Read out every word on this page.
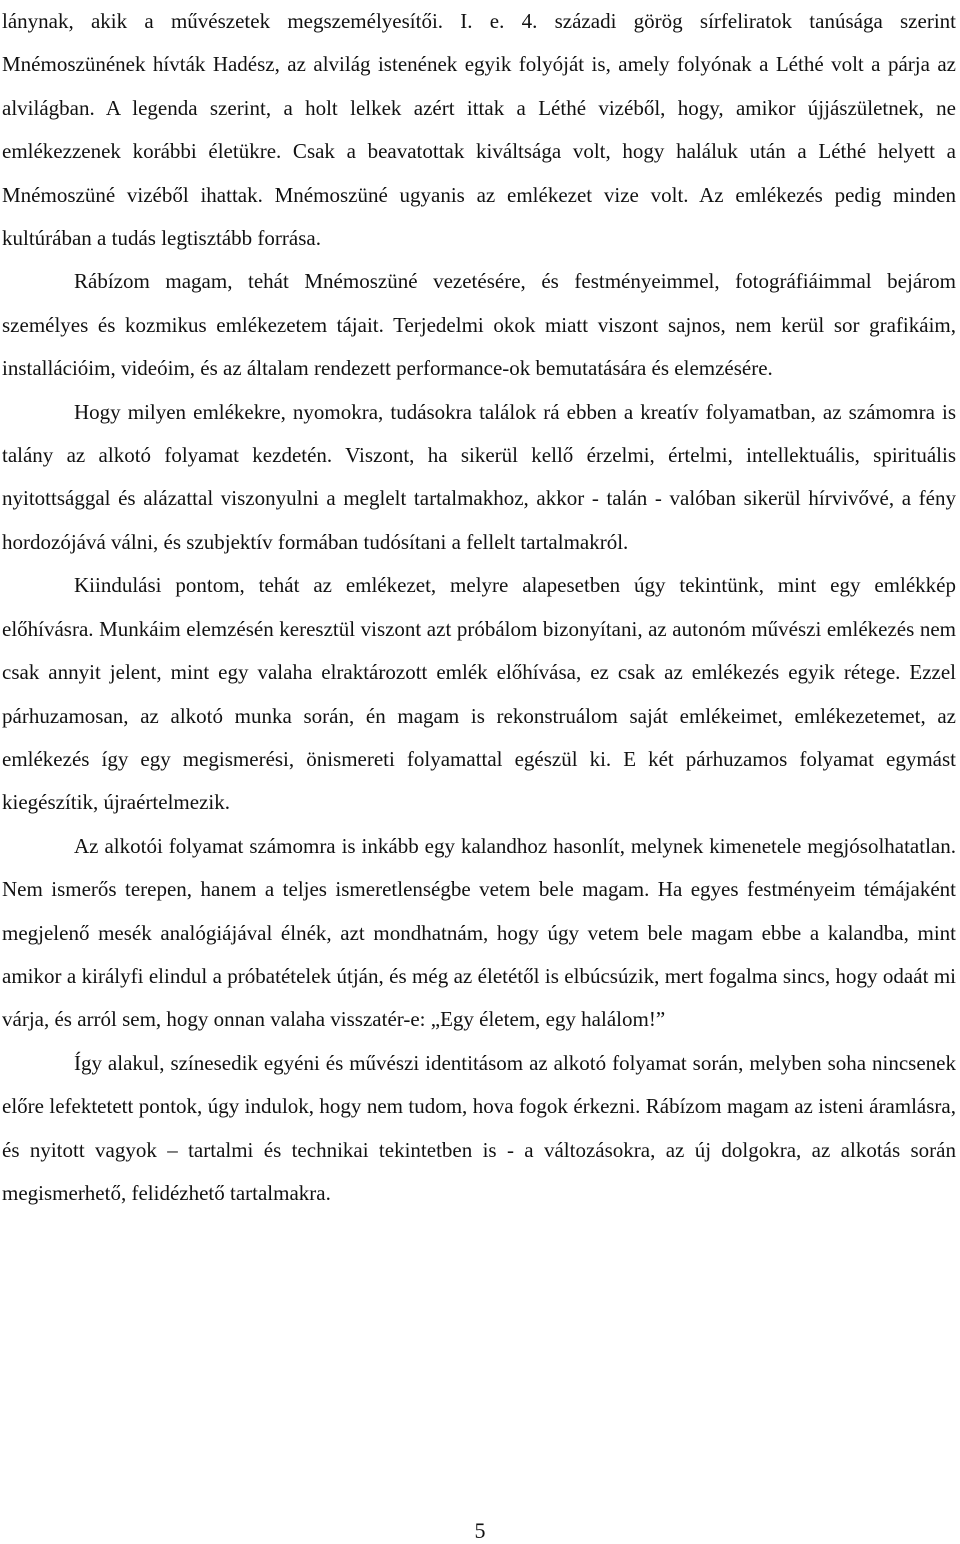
lánynak, akik a művészetek megszemélyesítői. I. e. 4. századi görög sírfeliratok tanúsága szerint Mnémoszünének hívták Hadész, az alvilág istenének egyik folyóját is, amely folyónak a Léthé volt a párja az alvilágban. A legenda szerint, a holt lelkek azért ittak a Léthé vizéből, hogy, amikor újjászületnek, ne emlékezzenek korábbi életükre. Csak a beavatottak kiváltsága volt, hogy haláluk után a Léthé helyett a Mnémoszüné vizéből ihattak. Mnémoszüné ugyanis az emlékezet vize volt. Az emlékezés pedig minden kultúrában a tudás legtisztább forrása.

Rábízom magam, tehát Mnémoszüné vezetésére, és festményeimmel, fotográfiáimmal bejárom személyes és kozmikus emlékezetem tájait. Terjedelmi okok miatt viszont sajnos, nem kerül sor grafikáim, installációim, videóim, és az általam rendezett performance-ok bemutatására és elemzésére.

Hogy milyen emlékekre, nyomokra, tudásokra találok rá ebben a kreatív folyamatban, az számomra is talány az alkotó folyamat kezdetén. Viszont, ha sikerül kellő érzelmi, értelmi, intellektuális, spirituális nyitottsággal és alázattal viszonyulni a meglelt tartalmakhoz, akkor - talán - valóban sikerül hírvivővé, a fény hordozójává válni, és szubjektív formában tudósítani a fellelt tartalmakról.

Kiindulási pontom, tehát az emlékezet, melyre alapesetben úgy tekintünk, mint egy emlékkép előhívásra. Munkáim elemzésén keresztül viszont azt próbálom bizonyítani, az autonóm művészi emlékezés nem csak annyit jelent, mint egy valaha elraktározott emlék előhívása, ez csak az emlékezés egyik rétege. Ezzel párhuzamosan, az alkotó munka során, én magam is rekonstruálom saját emlékeimet, emlékezetemet, az emlékezés így egy megismerési, önismereti folyamattal egészül ki. E két párhuzamos folyamat egymást kiegészítik, újraértelmezik.

Az alkotói folyamat számomra is inkább egy kalandhoz hasonlít, melynek kimenetele megjósolhatatlan. Nem ismerős terepen, hanem a teljes ismeretlenségbe vetem bele magam. Ha egyes festményeim témájaként megjelenő mesék analógiájával élnék, azt mondhatnám, hogy úgy vetem bele magam ebbe a kalandba, mint amikor a királyfi elindul a próbatételek útján, és még az életétől is elbúcsúzik, mert fogalma sincs, hogy odaát mi várja, és arról sem, hogy onnan valaha visszatér-e: „Egy életem, egy halálom!”

Így alakul, színesedik egyéni és művészi identitásom az alkotó folyamat során, melyben soha nincsenek előre lefektetett pontok, úgy indulok, hogy nem tudom, hova fogok érkezni. Rábízom magam az isteni áramlásra, és nyitott vagyok – tartalmi és technikai tekintetben is - a változásokra, az új dolgokra, az alkotás során megismerhető, felidézhető tartalmakra.

5
